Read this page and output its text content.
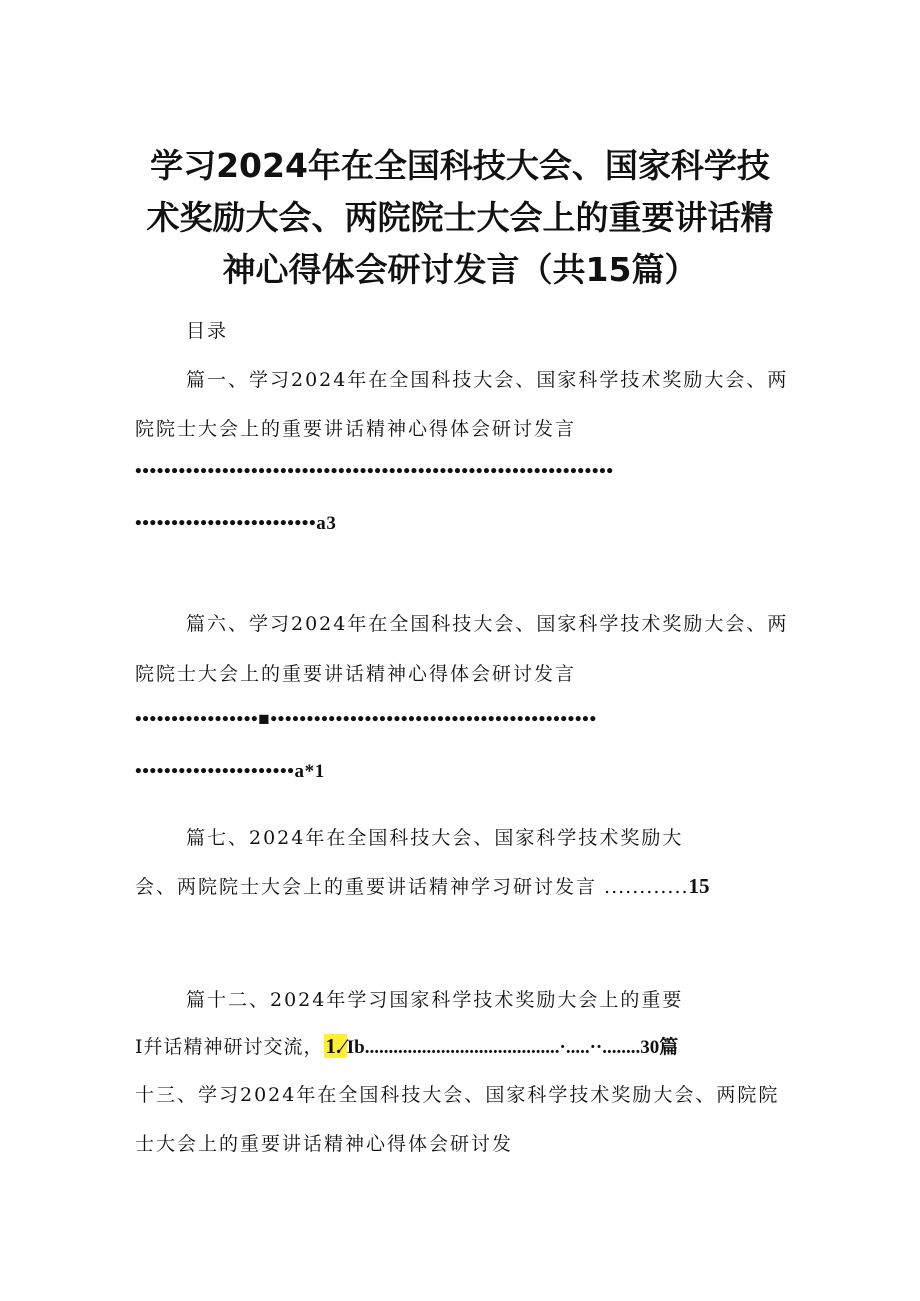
学习2024年在全国科技大会、国家科学技
术奖励大会、两院院士大会上的重要讲话精
神心得体会研讨发言（共15篇）
目录
篇一、学习2024年在全国科技大会、国家科学技术奖励大会、两
院院士大会上的重要讲话精神心得体会研讨发言
••••••••••••••••••••••••••••••••••••••••••••••••••••••••••••••••••
•••••••••••••••••••••••••a3
篇六、学习2024年在全国科技大会、国家科学技术奖励大会、两
院院士大会上的重要讲话精神心得体会研讨发言
•••••••••••••••••■•••••••••••••••••••••••••••••••••••••••••••••
••••••••••••••••••••••a*1
篇七、2024年在全国科技大会、国家科学技术奖励大
会、两院院士大会上的重要讲话精神学习研讨发言 ............15
篇十二、2024年学习国家科学技术奖励大会上的重要
I幷话精神研讨交流，1.∕ Ib.........................................·.....··........30篇
十三、学习2024年在全国科技大会、国家科学技术奖励大会、两院院
士大会上的重要讲话精神心得体会研讨发
